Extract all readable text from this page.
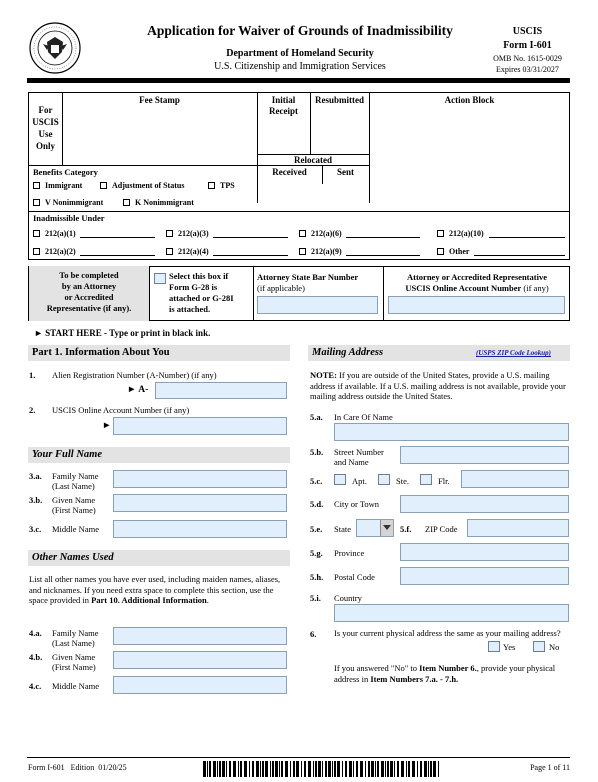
Application for Waiver of Grounds of Inadmissibility
Department of Homeland Security
U.S. Citizenship and Immigration Services
USCIS
Form I-601
OMB No. 1615-0029
Expires 03/31/2027
For
USCIS
Use
Only
Fee Stamp	Initial
Receipt
Resubmitted	Action Block
Relocated
Received	Sent
Benefits Category
Immigrant	Adjustment of Status	TPS
V Nonimmigrant	K Nonimmigrant
Inadmissible Under
212(a)(1)	212(a)(3)	212(a)(6)	212(a)(10)
212(a)(2)	212(a)(4)	212(a)(9)	Other
To be completed
by an Attorney
or Accredited
Representative (if any).
Select this box if
Form G-28 is
attached or G-28I
is attached.
Attorney State Bar Number
(if applicable)
Attorney or Accredited Representative
USCIS Online Account Number (if any)
► START HERE - Type or print in black ink.
Part 1. Information About You
1. Alien Registration Number (A-Number) (if any)
► A-
2. USCIS Online Account Number (if any)
►
Your Full Name
3.a. Family Name
(Last Name)
3.b. Given Name
(First Name)
3.c. Middle Name
Other Names Used
List all other names you have ever used, including maiden names, aliases, and nicknames. If you need extra space to complete this section, use the space provided in Part 10. Additional Information.
4.a. Family Name
(Last Name)
4.b. Given Name
(First Name)
4.c. Middle Name
Mailing Address	(USPS ZIP Code Lookup)
NOTE: If you are outside of the United States, provide a U.S. mailing address if available. If a U.S. mailing address is not available, provide your mailing address outside the United States.
5.a. In Care Of Name
5.b. Street Number
and Name
5.c.	Apt.	Ste.	Flr.
5.d. City or Town
5.e. State	5.f. ZIP Code
5.g. Province
5.h. Postal Code
5.i. Country
6. Is your current physical address the same as your mailing address?
Yes	No
If you answered "No" to Item Number 6., provide your physical address in Item Numbers 7.a. - 7.h.
Form I-601   Edition  01/20/25	Page 1 of 11
